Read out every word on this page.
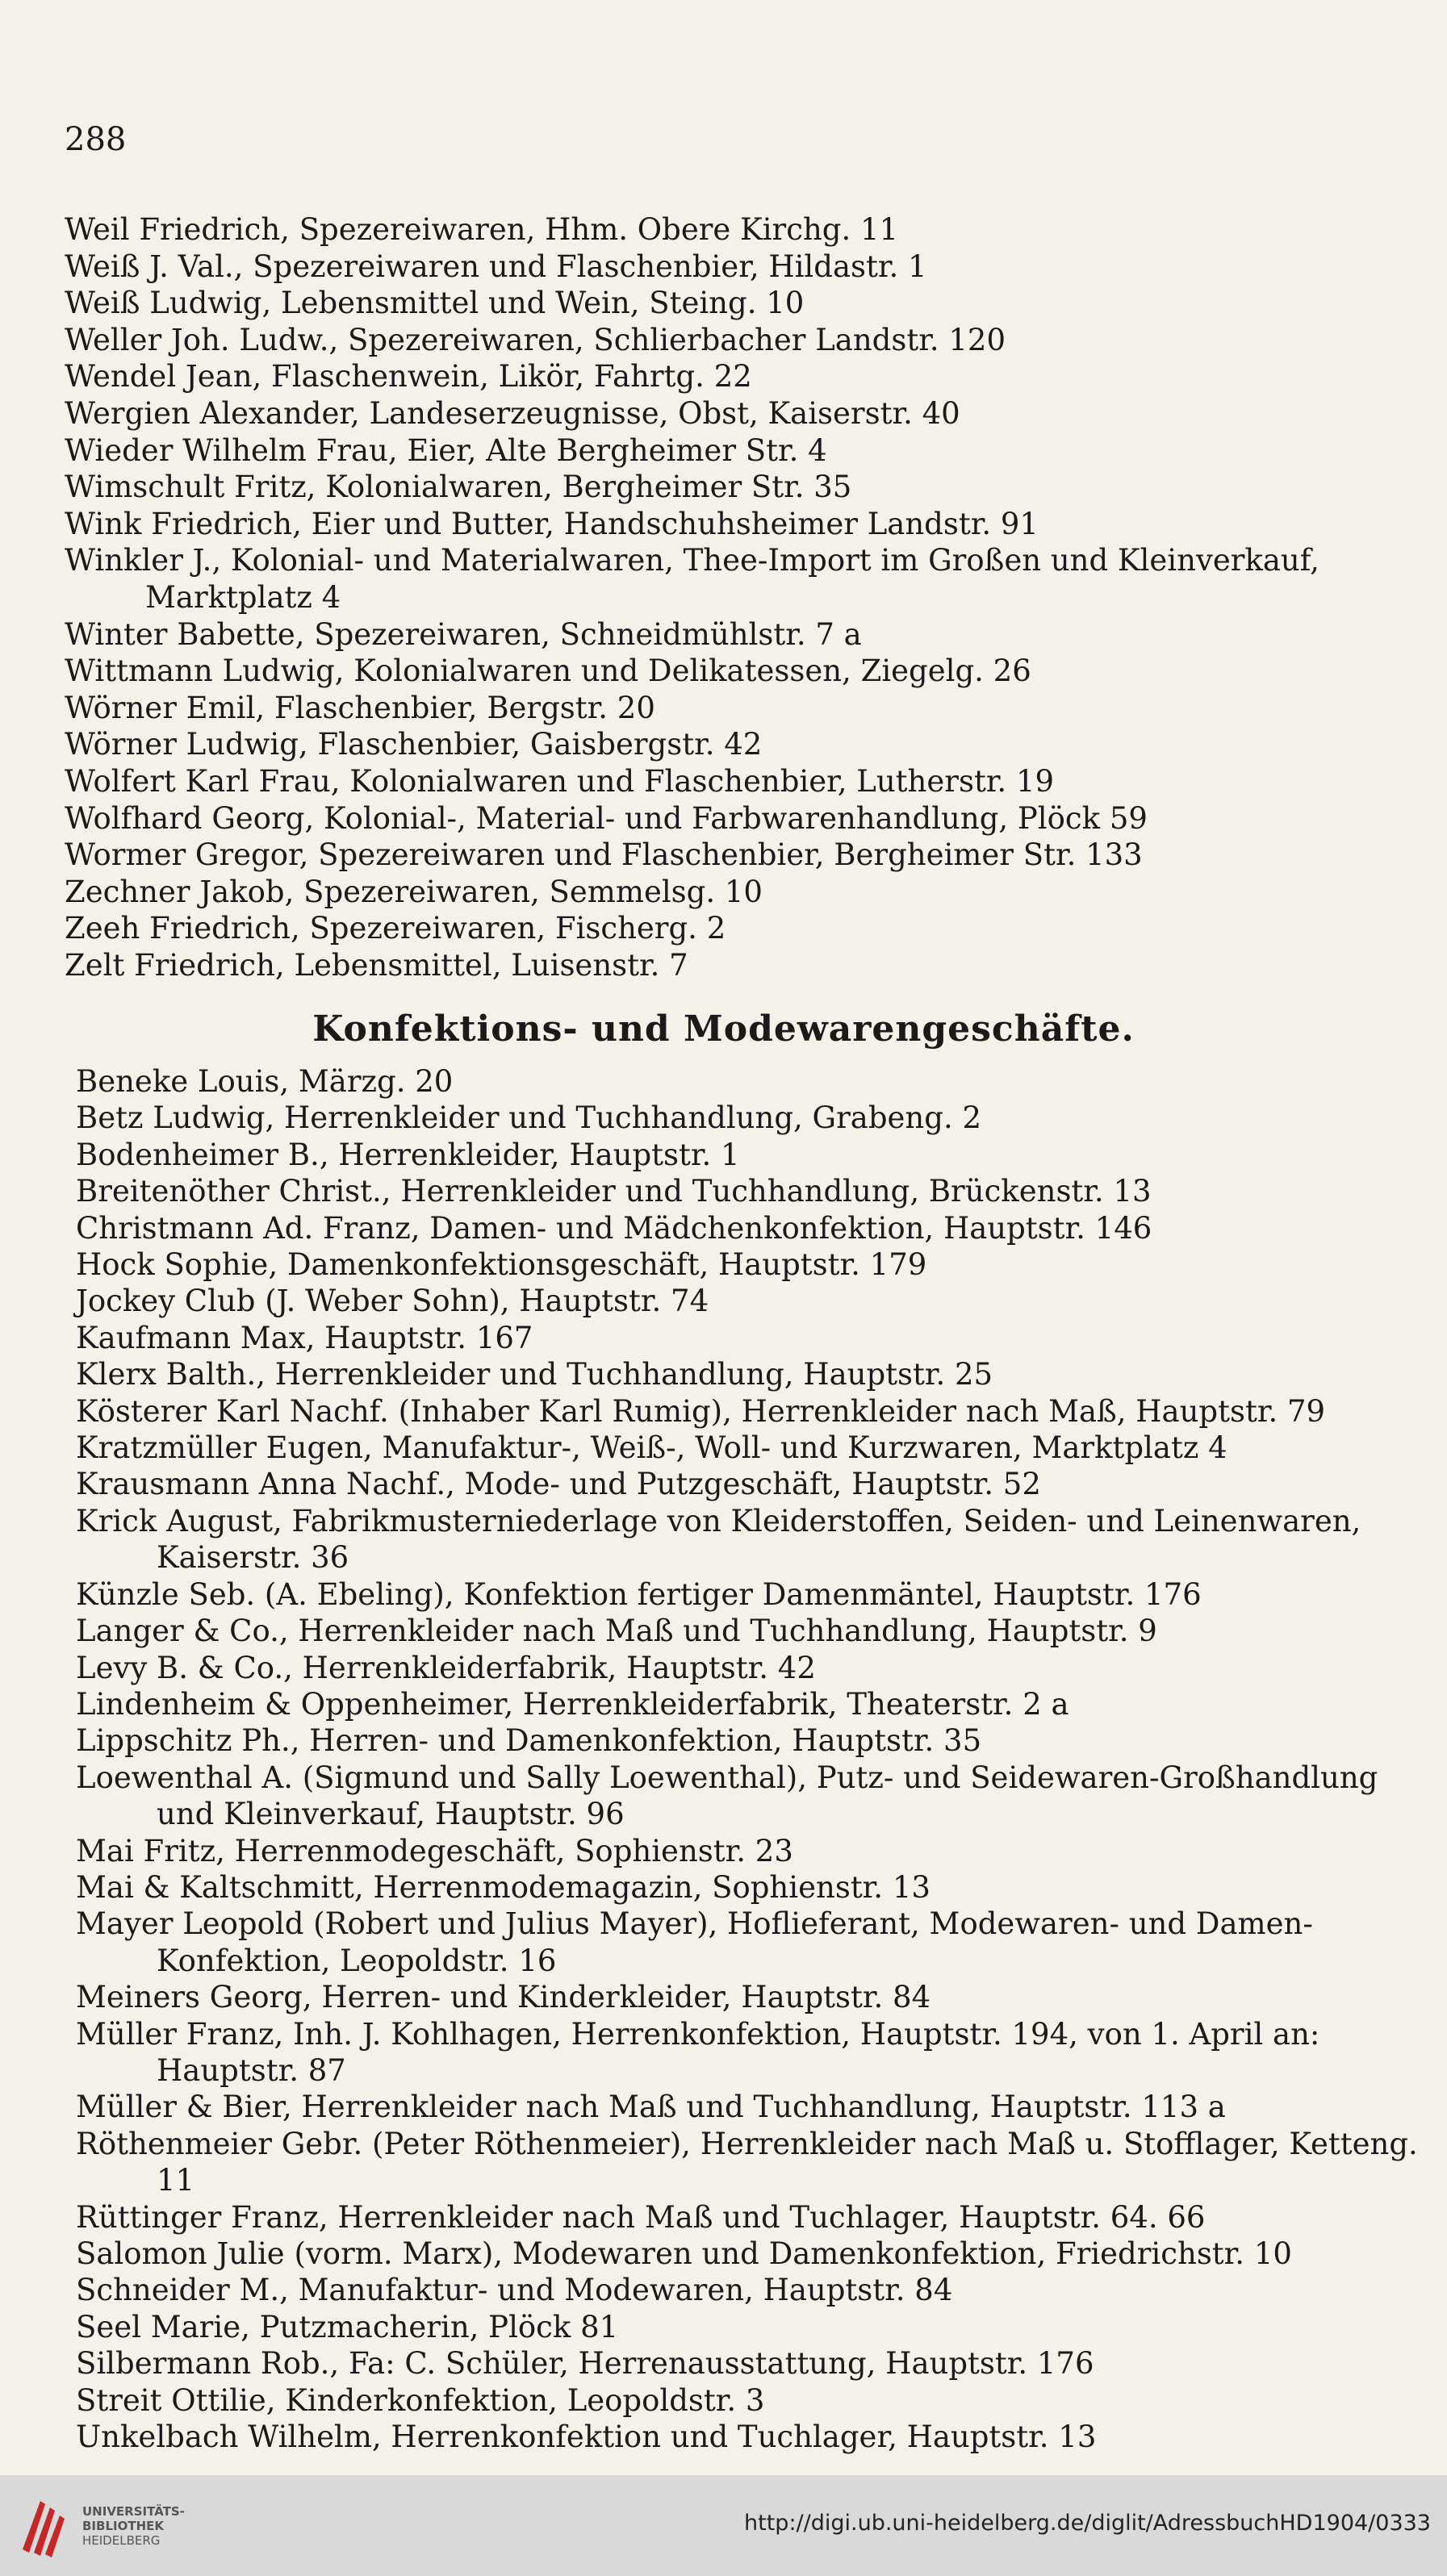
288
Weil Friedrich, Spezereiwaren, Hhm. Obere Kirchg. 11
Weiß J. Val., Spezereiwaren und Flaschenbier, Hildastr. 1
Weiß Ludwig, Lebensmittel und Wein, Steing. 10
Weller Joh. Ludw., Spezereiwaren, Schlierbacher Landstr. 120
Wendel Jean, Flaschenwein, Likör, Fahrtg. 22
Wergien Alexander, Landeserzeugnisse, Obst, Kaiserstr. 40
Wieder Wilhelm Frau, Eier, Alte Bergheimer Str. 4
Wimschult Fritz, Kolonialwaren, Bergheimer Str. 35
Wink Friedrich, Eier und Butter, Handschuhsheimer Landstr. 91
Winkler J., Kolonial- und Materialwaren, Thee-Import im Großen und Kleinverkauf, Marktplatz 4
Winter Babette, Spezereiwaren, Schneidmühlstr. 7 a
Wittmann Ludwig, Kolonialwaren und Delikatessen, Ziegelg. 26
Wörner Emil, Flaschenbier, Bergstr. 20
Wörner Ludwig, Flaschenbier, Gaisbergstr. 42
Wolfert Karl Frau, Kolonialwaren und Flaschenbier, Lutherstr. 19
Wolfhard Georg, Kolonial-, Material- und Farbwarenhandlung, Plöck 59
Wormer Gregor, Spezereiwaren und Flaschenbier, Bergheimer Str. 133
Zechner Jakob, Spezereiwaren, Semmelsg. 10
Zeeh Friedrich, Spezereiwaren, Fischerg. 2
Zelt Friedrich, Lebensmittel, Luisenstr. 7
Konfektions- und Modewarengeschäfte.
Beneke Louis, Märzg. 20
Betz Ludwig, Herrenkleider und Tuchhandlung, Grabeng. 2
Bodenheimer B., Herrenkleider, Hauptstr. 1
Breitenöther Christ., Herrenkleider und Tuchhandlung, Brückenstr. 13
Christmann Ad. Franz, Damen- und Mädchenkonfektion, Hauptstr. 146
Hock Sophie, Damenkonfektionsgeschäft, Hauptstr. 179
Jockey Club (J. Weber Sohn), Hauptstr. 74
Kaufmann Max, Hauptstr. 167
Klerx Balth., Herrenkleider und Tuchhandlung, Hauptstr. 25
Kösterer Karl Nachf. (Inhaber Karl Rumig), Herrenkleider nach Maß, Hauptstr. 79
Kratzmüller Eugen, Manufaktur-, Weiß-, Woll- und Kurzwaren, Marktplatz 4
Krausmann Anna Nachf., Mode- und Putzgeschäft, Hauptstr. 52
Krick August, Fabrikmusterniederlage von Kleiderstoffen, Seiden- und Leinenwaren, Kaiserstr. 36
Künzle Seb. (A. Ebeling), Konfektion fertiger Damenmäntel, Hauptstr. 176
Langer & Co., Herrenkleider nach Maß und Tuchhandlung, Hauptstr. 9
Levy B. & Co., Herrenkleiderfabrik, Hauptstr. 42
Lindenheim & Oppenheimer, Herrenkleiderfabrik, Theaterstr. 2 a
Lippschitz Ph., Herren- und Damenkonfektion, Hauptstr. 35
Loewenthal A. (Sigmund und Sally Loewenthal), Putz- und Seidewaren-Großhandlung und Kleinverkauf, Hauptstr. 96
Mai Fritz, Herrenmodegeschäft, Sophienstr. 23
Mai & Kaltschmitt, Herrenmodemagazin, Sophienstr. 13
Mayer Leopold (Robert und Julius Mayer), Hoflieferant, Modewaren- und Damen-Konfektion, Leopoldstr. 16
Meiners Georg, Herren- und Kinderkleider, Hauptstr. 84
Müller Franz, Inh. J. Kohlhagen, Herrenkonfektion, Hauptstr. 194, von 1. April an: Hauptstr. 87
Müller & Bier, Herrenkleider nach Maß und Tuchhandlung, Hauptstr. 113 a
Röthenmeier Gebr. (Peter Röthenmeier), Herrenkleider nach Maß u. Stofflager, Ketteng. 11
Rüttinger Franz, Herrenkleider nach Maß und Tuchlager, Hauptstr. 64. 66
Salomon Julie (vorm. Marx), Modewaren und Damenkonfektion, Friedrichstr. 10
Schneider M., Manufaktur- und Modewaren, Hauptstr. 84
Seel Marie, Putzmacherin, Plöck 81
Silbermann Rob., Fa: C. Schüler, Herrenausstattung, Hauptstr. 176
Streit Ottilie, Kinderkonfektion, Leopoldstr. 3
Unkelbach Wilhelm, Herrenkonfektion und Tuchlager, Hauptstr. 13
UNIVERSITÄTS-
BIBLIOTHEK
HEIDELBERG
http://digi.ub.uni-heidelberg.de/diglit/AdressbuchHD1904/0333
